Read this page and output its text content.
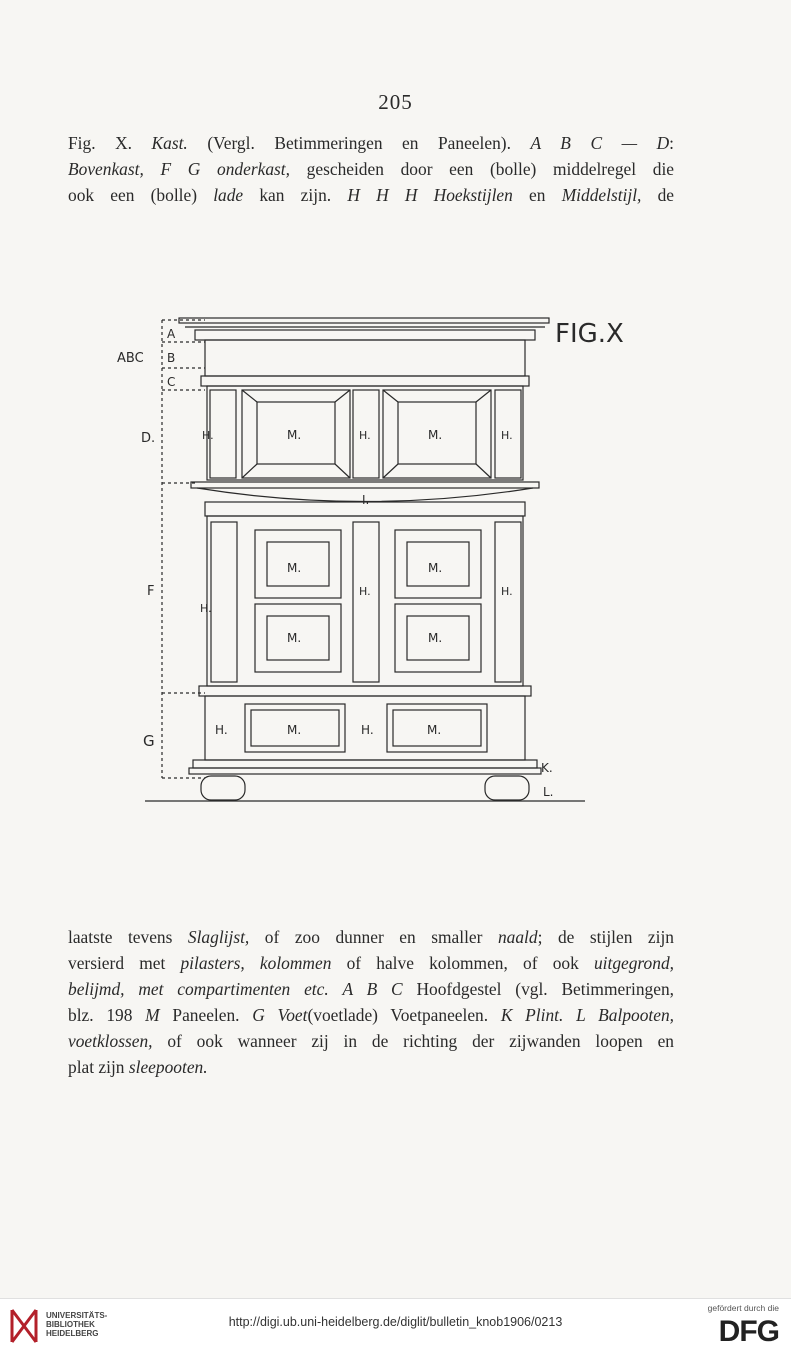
205
Fig. X. Kast. (Vergl. Betimmeringen en Paneelen). A B C — D:
Bovenkast, F G onderkast, gescheiden door een (bolle) middelregel die
ook een (bolle) lade kan zijn. H H H Hoekstijlen en Middelstijl, de
FIG.X
ABC
A
B
C
D.
F
G
H.	H.	H.
M.	M.
I.
M.	M.
M.	M.
H.	H.
H.
H.	H.
M.	M.
K.
L.
laatste tevens Slaglijst, of zoo dunner en smaller naald; de stijlen zijn
versierd met pilasters, kolommen of halve kolommen, of ook uitgegrond,
belijmd, met compartimenten etc. A B C Hoofdgestel (vgl. Betimmeringen,
blz. 198 M Paneelen. G Voet(voetlade) Voetpaneelen. K Plint. L Balpooten,
voetklossen, of ook wanneer zij in de richting der zijwanden loopen en
plat zijn sleepooten.
UNIVERSITÄTS-
BIBLIOTHEK
HEIDELBERG
http://digi.ub.uni-heidelberg.de/diglit/bulletin_knob1906/0213
gefördert durch die
DFG
